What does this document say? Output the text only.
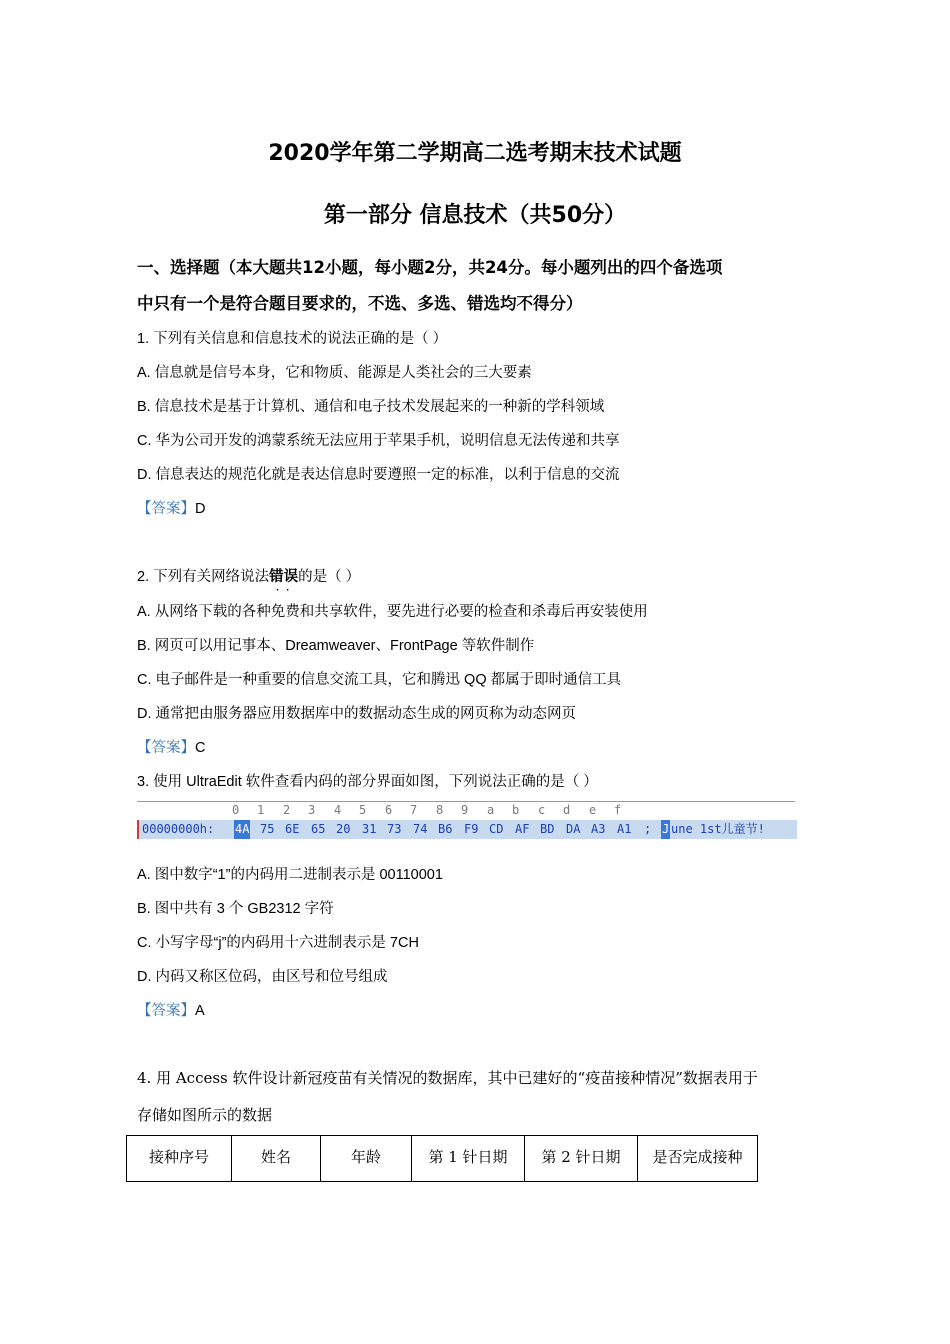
2020学年第二学期高二选考期末技术试题
第一部分 信息技术（共50分）
一、选择题（本大题共12小题，每小题2分，共24分。每小题列出的四个备选项
中只有一个是符合题目要求的，不选、多选、错选均不得分）
1. 下列有关信息和信息技术的说法正确的是（ ）
A. 信息就是信号本身，它和物质、能源是人类社会的三大要素
B. 信息技术是基于计算机、通信和电子技术发展起来的一种新的学科领域
C. 华为公司开发的鸿蒙系统无法应用于苹果手机，说明信息无法传递和共享
D. 信息表达的规范化就是表达信息时要遵照一定的标准，以利于信息的交流
【答案】D
2. 下列有关网络说法错误 · ·的是（ ）
A. 从网络下载的各种免费和共享软件，要先进行必要的检查和杀毒后再安装使用
B. 网页可以用记事本、Dreamweaver、FrontPage 等软件制作
C. 电子邮件是一种重要的信息交流工具，它和腾迅 QQ 都属于即时通信工具
D. 通常把由服务器应用数据库中的数据动态生成的网页称为动态网页
【答案】C
3. 使用 UltraEdit 软件查看内码的部分界面如图，下列说法正确的是（ ）
0 1 2 3 4 5 6 7 8 9 a b c d e f
00000000h: 4A 75 6E 65 20 31 73 74 B6 F9 CD AF BD DA A3 A1 ; J une 1st儿童节!
A. 图中数字“1”的内码用二进制表示是 00110001
B. 图中共有 3 个 GB2312 字符
C. 小写字母“j”的内码用十六进制表示是 7CH
D. 内码又称区位码，由区号和位号组成
【答案】A
4. 用 Access 软件设计新冠疫苗有关情况的数据库，其中已建好的“疫苗接种情况”数据表用于
存储如图所示的数据
接种序号	姓名	年龄	第 1 针日期	第 2 针日期	是否完成接种
